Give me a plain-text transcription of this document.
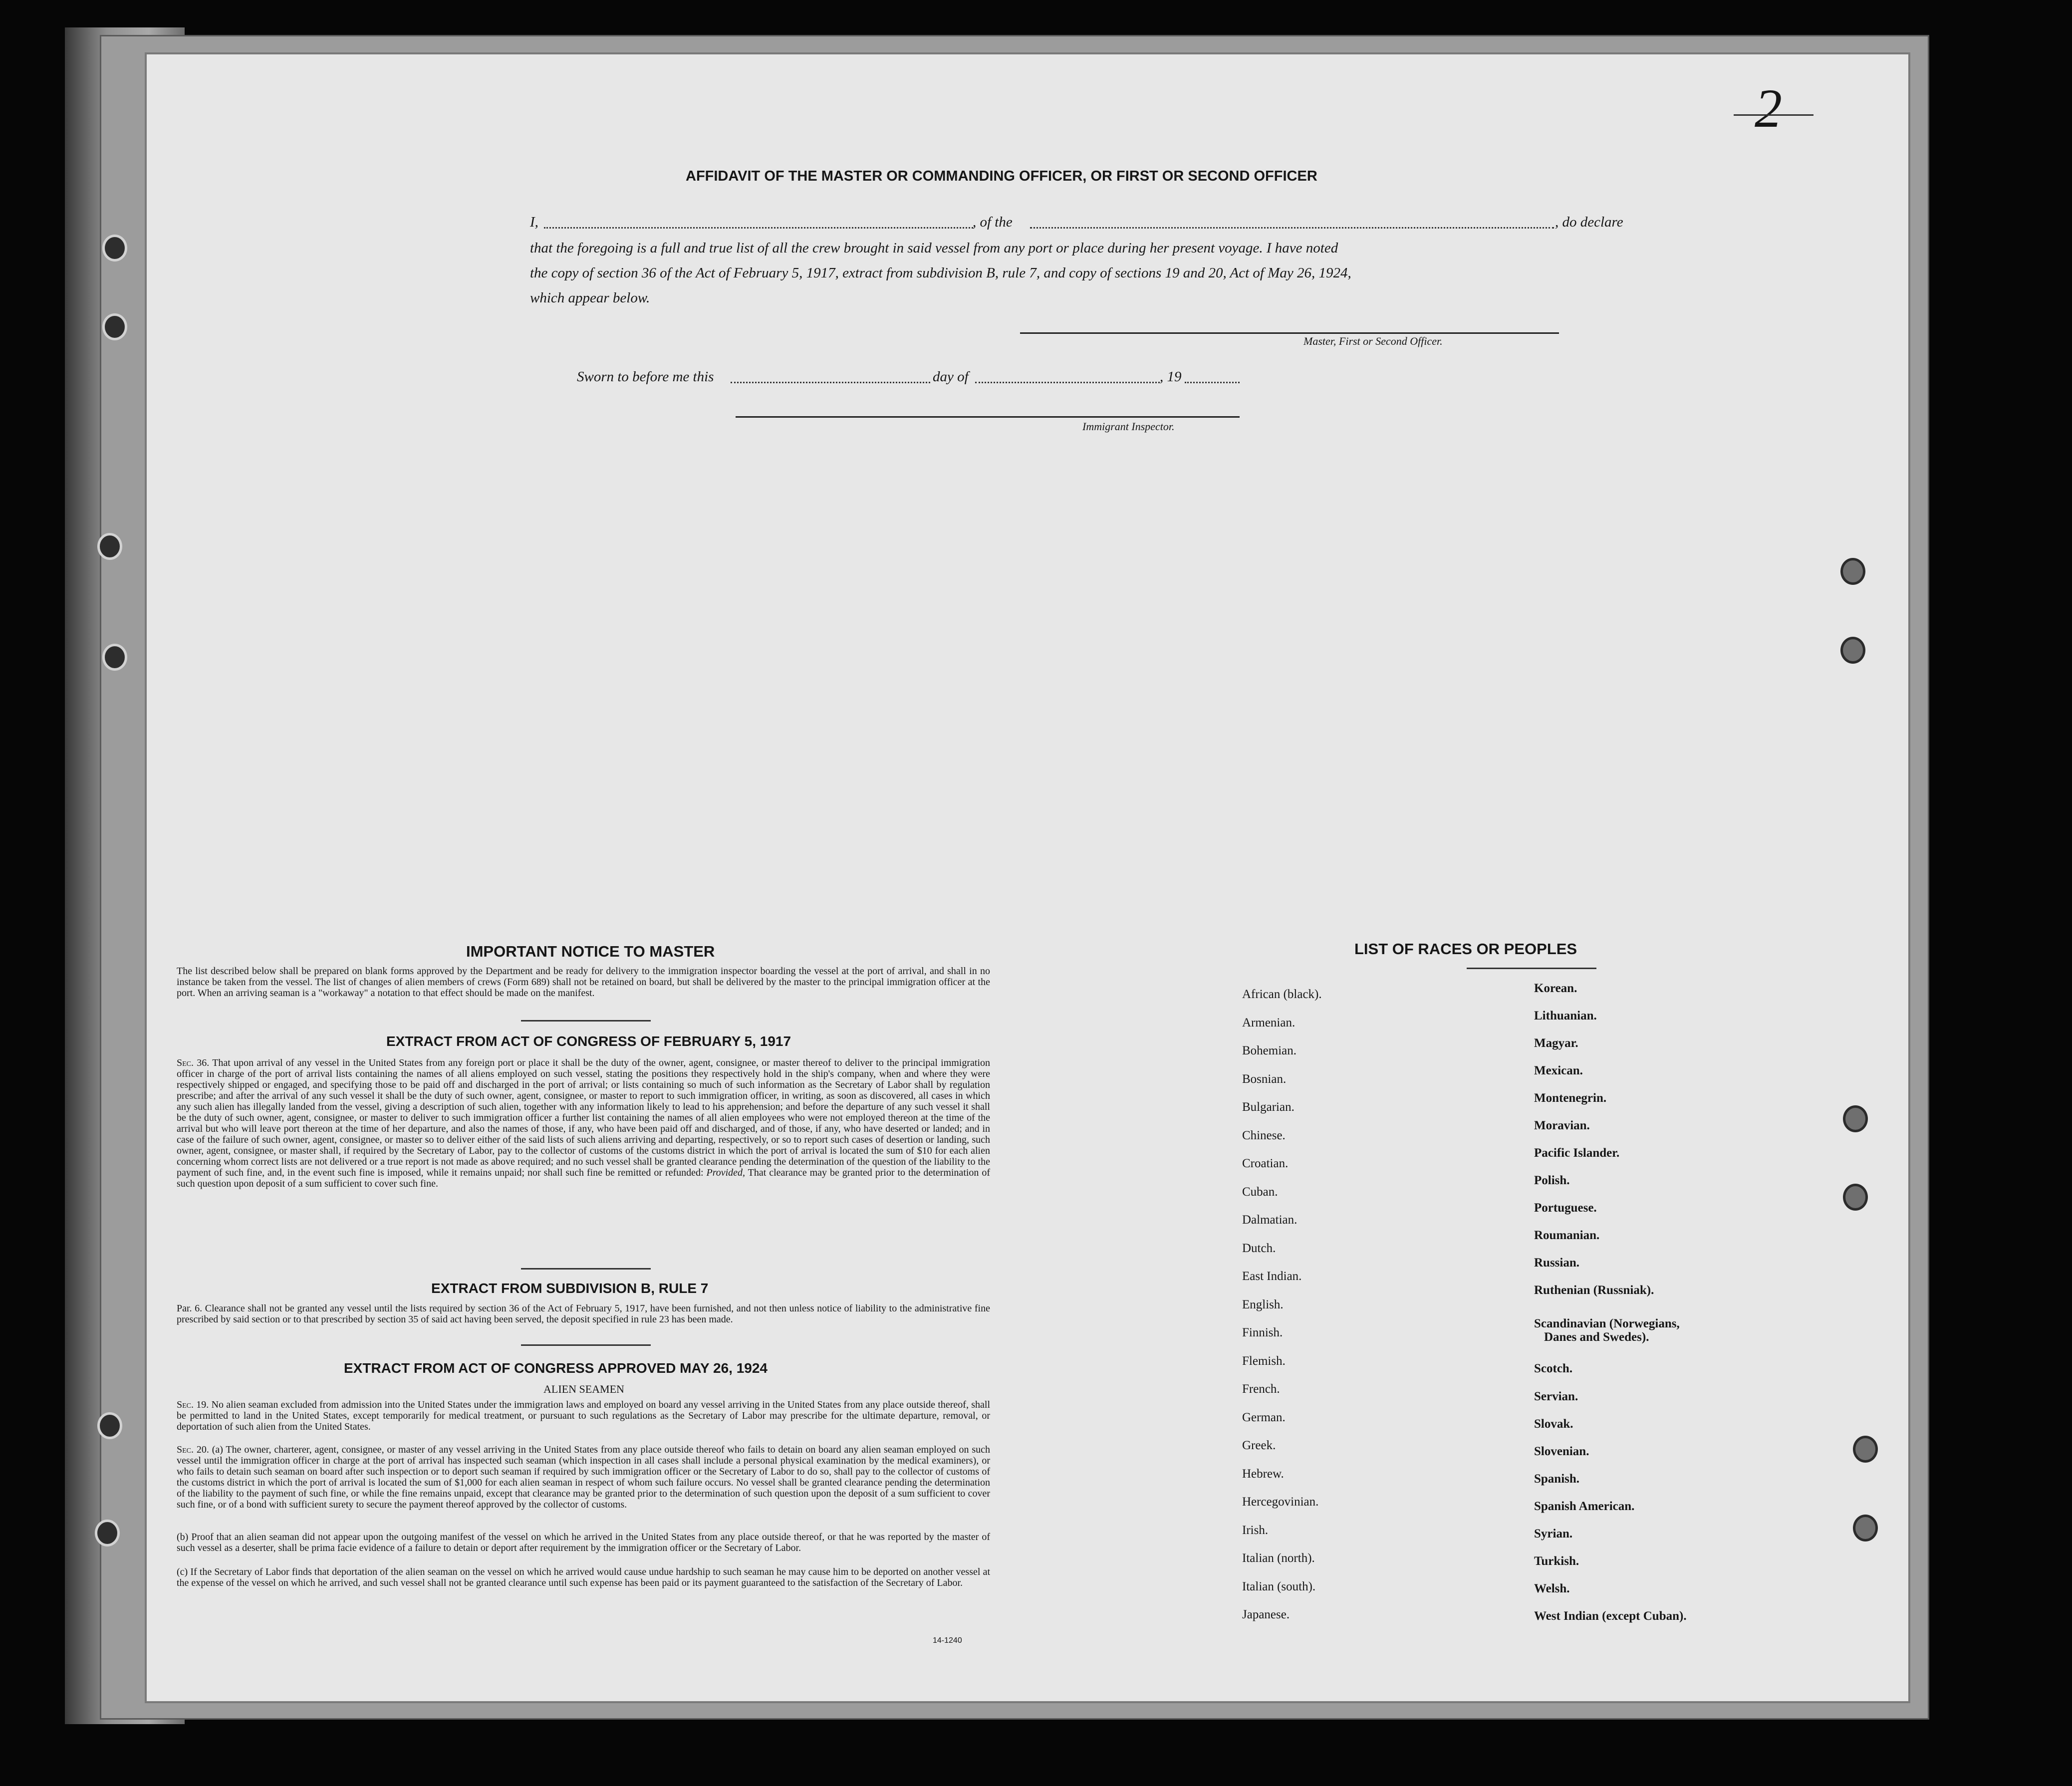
2
AFFIDAVIT OF THE MASTER OR COMMANDING OFFICER, OR FIRST OR SECOND OFFICER
I,	, of the	, do declare
that the foregoing is a full and true list of all the crew brought in said vessel from any port or place during her present voyage. I have noted
the copy of section 36 of the Act of February 5, 1917, extract from subdivision B, rule 7, and copy of sections 19 and 20, Act of May 26, 1924,
which appear below.
Master, First or Second Officer.
Sworn to before me this	day of	, 19
Immigrant Inspector.
IMPORTANT NOTICE TO MASTER
The list described below shall be prepared on blank forms approved by the Department and be ready for delivery to the immigration inspector boarding the vessel at the port of arrival, and shall in no instance be taken from the vessel. The list of changes of alien members of crews (Form 689) shall not be retained on board, but shall be delivered by the master to the principal immigration officer at the port. When an arriving seaman is a "workaway" a notation to that effect should be made on the manifest.
EXTRACT FROM ACT OF CONGRESS OF FEBRUARY 5, 1917
Sec. 36. That upon arrival of any vessel in the United States from any foreign port or place it shall be the duty of the owner, agent, consignee, or master thereof to deliver to the principal immigration officer in charge of the port of arrival lists containing the names of all aliens employed on such vessel, stating the positions they respectively hold in the ship's company, when and where they were respectively shipped or engaged, and specifying those to be paid off and discharged in the port of arrival; or lists containing so much of such information as the Secretary of Labor shall by regulation prescribe; and after the arrival of any such vessel it shall be the duty of such owner, agent, consignee, or master to report to such immigration officer, in writing, as soon as discovered, all cases in which any such alien has illegally landed from the vessel, giving a description of such alien, together with any information likely to lead to his apprehension; and before the departure of any such vessel it shall be the duty of such owner, agent, consignee, or master to deliver to such immigration officer a further list containing the names of all alien employees who were not employed thereon at the time of the arrival but who will leave port thereon at the time of her departure, and also the names of those, if any, who have been paid off and discharged, and of those, if any, who have deserted or landed; and in case of the failure of such owner, agent, consignee, or master so to deliver either of the said lists of such aliens arriving and departing, respectively, or so to report such cases of desertion or landing, such owner, agent, consignee, or master shall, if required by the Secretary of Labor, pay to the collector of customs of the customs district in which the port of arrival is located the sum of $10 for each alien concerning whom correct lists are not delivered or a true report is not made as above required; and no such vessel shall be granted clearance pending the determination of the question of the liability to the payment of such fine, and, in the event such fine is imposed, while it remains unpaid; nor shall such fine be remitted or refunded: Provided, That clearance may be granted prior to the determination of such question upon deposit of a sum sufficient to cover such fine.
EXTRACT FROM SUBDIVISION B, RULE 7
Par. 6. Clearance shall not be granted any vessel until the lists required by section 36 of the Act of February 5, 1917, have been furnished, and not then unless notice of liability to the administrative fine prescribed by said section or to that prescribed by section 35 of said act having been served, the deposit specified in rule 23 has been made.
EXTRACT FROM ACT OF CONGRESS APPROVED MAY 26, 1924
ALIEN SEAMEN
Sec. 19. No alien seaman excluded from admission into the United States under the immigration laws and employed on board any vessel arriving in the United States from any place outside thereof, shall be permitted to land in the United States, except temporarily for medical treatment, or pursuant to such regulations as the Secretary of Labor may prescribe for the ultimate departure, removal, or deportation of such alien from the United States.
Sec. 20. (a) The owner, charterer, agent, consignee, or master of any vessel arriving in the United States from any place outside thereof who fails to detain on board any alien seaman employed on such vessel until the immigration officer in charge at the port of arrival has inspected such seaman (which inspection in all cases shall include a personal physical examination by the medical examiners), or who fails to detain such seaman on board after such inspection or to deport such seaman if required by such immigration officer or the Secretary of Labor to do so, shall pay to the collector of customs of the customs district in which the port of arrival is located the sum of $1,000 for each alien seaman in respect of whom such failure occurs. No vessel shall be granted clearance pending the determination of the liability to the payment of such fine, or while the fine remains unpaid, except that clearance may be granted prior to the determination of such question upon the deposit of a sum sufficient to cover such fine, or of a bond with sufficient surety to secure the payment thereof approved by the collector of customs.
(b) Proof that an alien seaman did not appear upon the outgoing manifest of the vessel on which he arrived in the United States from any place outside thereof, or that he was reported by the master of such vessel as a deserter, shall be prima facie evidence of a failure to detain or deport after requirement by the immigration officer or the Secretary of Labor.
(c) If the Secretary of Labor finds that deportation of the alien seaman on the vessel on which he arrived would cause undue hardship to such seaman he may cause him to be deported on another vessel at the expense of the vessel on which he arrived, and such vessel shall not be granted clearance until such expense has been paid or its payment guaranteed to the satisfaction of the Secretary of Labor.
14-1240
LIST OF RACES OR PEOPLES
African (black).
Armenian.
Bohemian.
Bosnian.
Bulgarian.
Chinese.
Croatian.
Cuban.
Dalmatian.
Dutch.
East Indian.
English.
Finnish.
Flemish.
French.
German.
Greek.
Hebrew.
Hercegovinian.
Irish.
Italian (north).
Italian (south).
Japanese.
Korean.
Lithuanian.
Magyar.
Mexican.
Montenegrin.
Moravian.
Pacific Islander.
Polish.
Portuguese.
Roumanian.
Russian.
Ruthenian (Russniak).
Scandinavian (Norwegians,
Danes and Swedes).
Scotch.
Servian.
Slovak.
Slovenian.
Spanish.
Spanish American.
Syrian.
Turkish.
Welsh.
West Indian (except Cuban).
